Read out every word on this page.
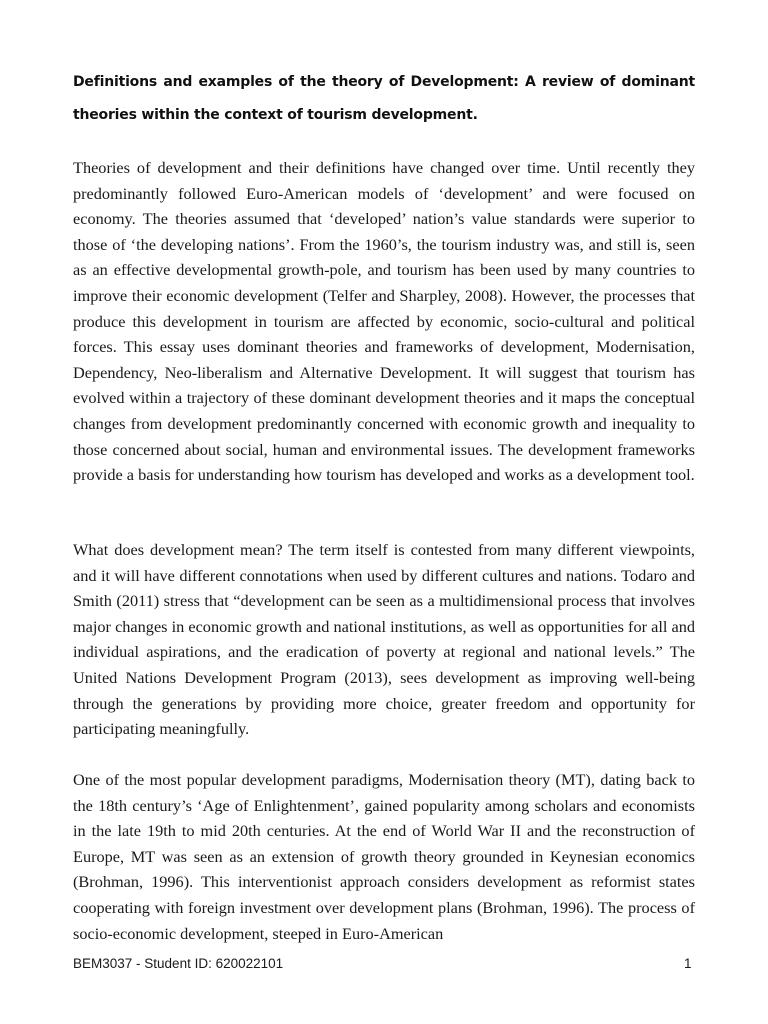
Definitions and examples of the theory of Development: A review of dominant theories within the context of tourism development.

Theories of development and their definitions have changed over time. Until recently they predominantly followed Euro-American models of ‘development’ and were focused on economy. The theories assumed that ‘developed’ nation’s value standards were superior to those of ‘the developing nations’. From the 1960’s, the tourism industry was, and still is, seen as an effective developmental growth-pole, and tourism has been used by many countries to improve their economic development (Telfer and Sharpley, 2008). However, the processes that produce this development in tourism are affected by economic, socio-cultural and political forces. This essay uses dominant theories and frameworks of development, Modernisation, Dependency, Neo-liberalism and Alternative Development. It will suggest that tourism has evolved within a trajectory of these dominant development theories and it maps the conceptual changes from development predominantly concerned with economic growth and inequality to those concerned about social, human and environmental issues. The development frameworks provide a basis for understanding how tourism has developed and works as a development tool.

What does development mean? The term itself is contested from many different viewpoints, and it will have different connotations when used by different cultures and nations. Todaro and Smith (2011) stress that “development can be seen as a multidimensional process that involves major changes in economic growth and national institutions, as well as opportunities for all and individual aspirations, and the eradication of poverty at regional and national levels.” The United Nations Development Program (2013), sees development as improving well-being through the generations by providing more choice, greater freedom and opportunity for participating meaningfully.

One of the most popular development paradigms, Modernisation theory (MT), dating back to the 18th century’s ‘Age of Enlightenment’, gained popularity among scholars and economists in the late 19th to mid 20th centuries. At the end of World War II and the reconstruction of Europe, MT was seen as an extension of growth theory grounded in Keynesian economics (Brohman, 1996). This interventionist approach considers development as reformist states cooperating with foreign investment over development plans (Brohman, 1996). The process of socio-economic development, steeped in Euro-American

BEM3037 - Student ID: 620022101	1
